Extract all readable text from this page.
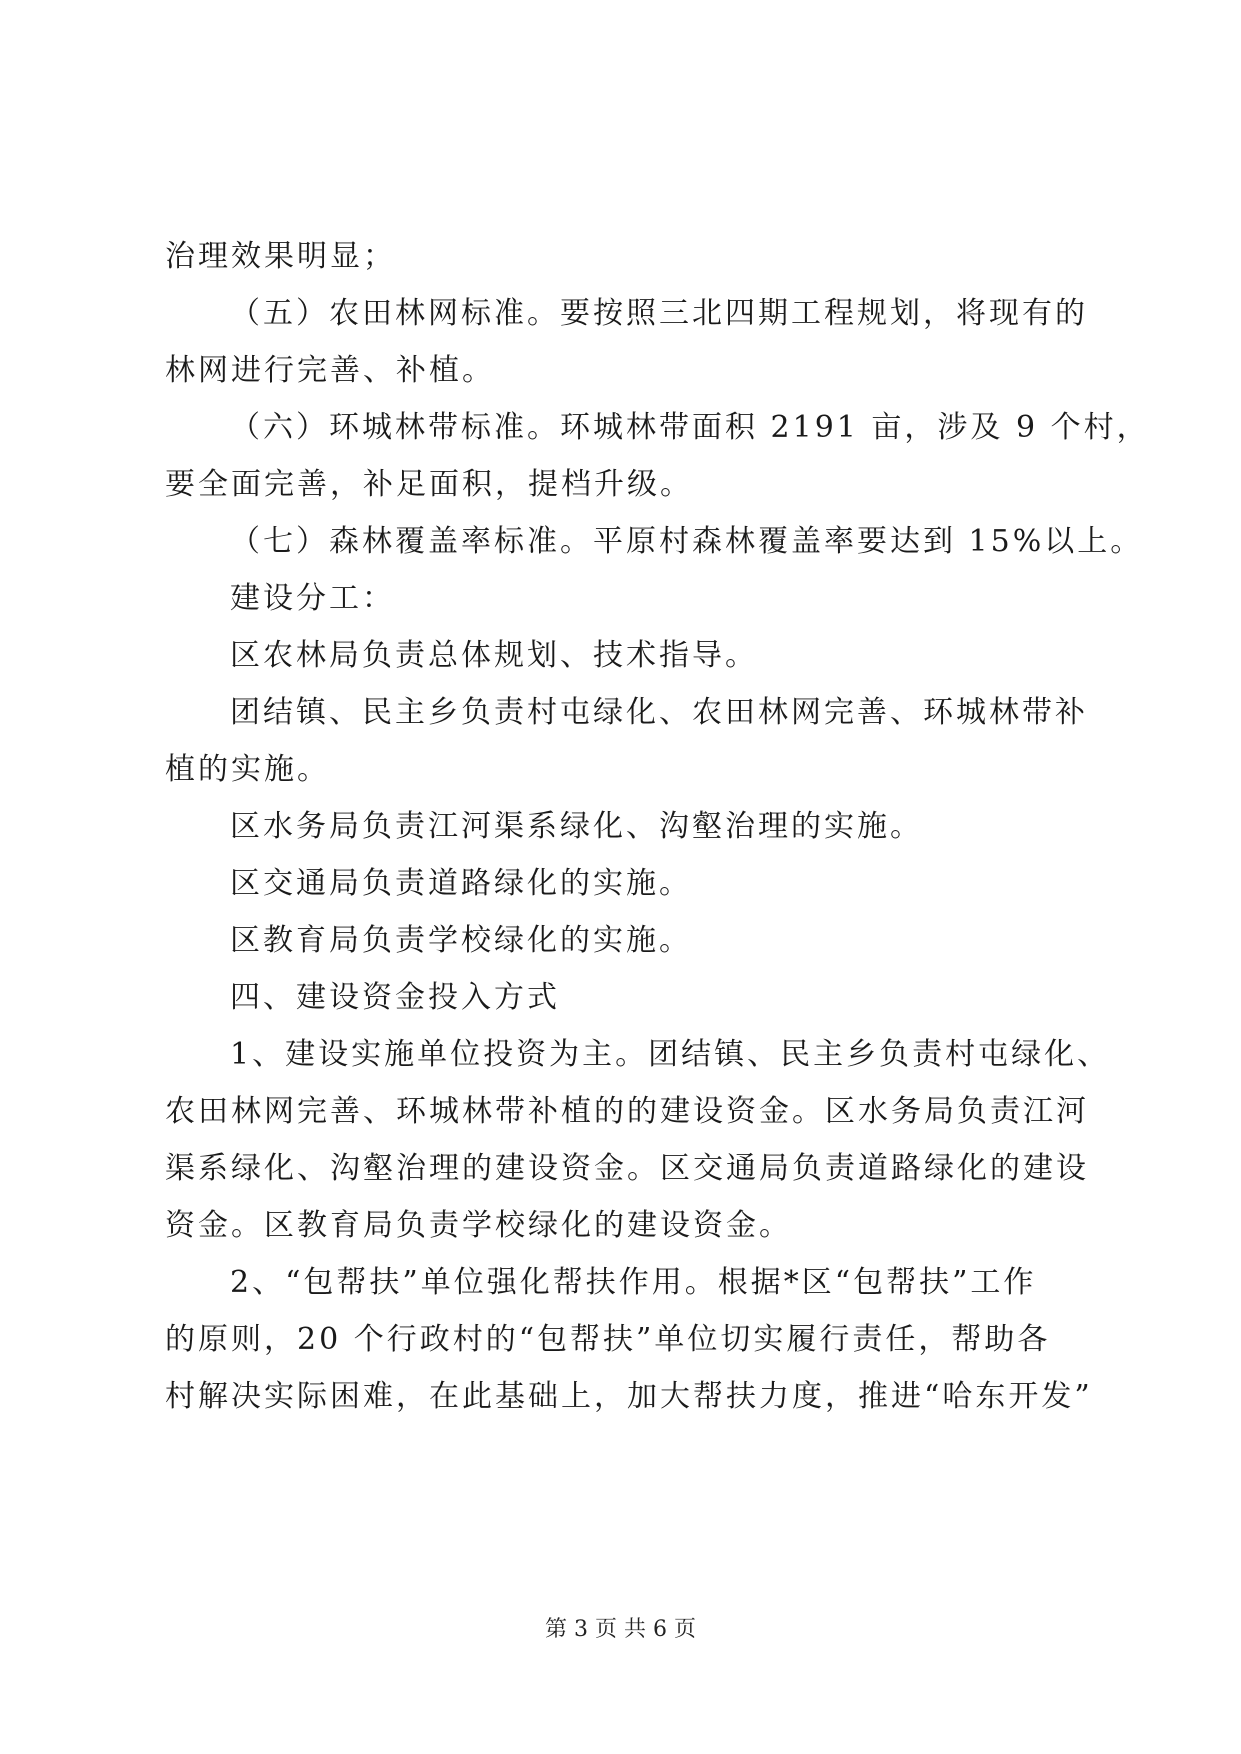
治理效果明显；
（五）农田林网标准。要按照三北四期工程规划，将现有的
林网进行完善、补植。
（六）环城林带标准。环城林带面积 2191 亩，涉及 9 个村，
要全面完善，补足面积，提档升级。
（七）森林覆盖率标准。平原村森林覆盖率要达到 15%以上。
建设分工：
区农林局负责总体规划、技术指导。
团结镇、民主乡负责村屯绿化、农田林网完善、环城林带补
植的实施。
区水务局负责江河渠系绿化、沟壑治理的实施。
区交通局负责道路绿化的实施。
区教育局负责学校绿化的实施。
四、建设资金投入方式
1、建设实施单位投资为主。团结镇、民主乡负责村屯绿化、
农田林网完善、环城林带补植的的建设资金。区水务局负责江河
渠系绿化、沟壑治理的建设资金。区交通局负责道路绿化的建设
资金。区教育局负责学校绿化的建设资金。
2、“包帮扶”单位强化帮扶作用。根据*区“包帮扶”工作
的原则，20 个行政村的“包帮扶”单位切实履行责任，帮助各
村解决实际困难，在此基础上，加大帮扶力度，推进“哈东开发”
第 3 页 共 6 页
